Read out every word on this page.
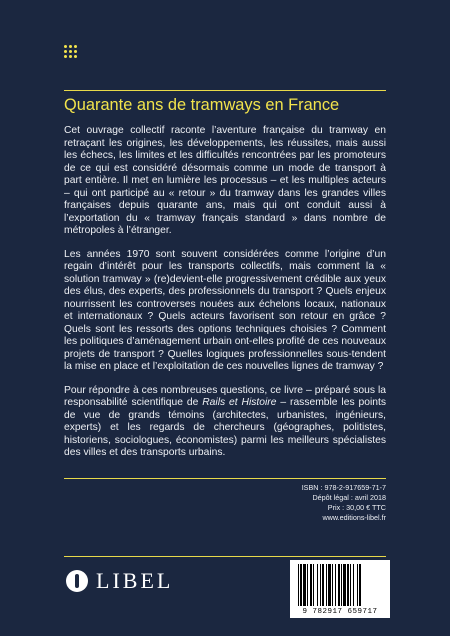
Quarante ans de tramways en France

Cet ouvrage collectif raconte l’aventure française du tramway en retraçant les origines, les développements, les réussites, mais aussi les échecs, les limites et les difficultés rencontrées par les promoteurs de ce qui est considéré désormais comme un mode de transport à part entière. Il met en lumière les processus – et les multiples acteurs – qui ont participé au « retour » du tramway dans les grandes villes françaises depuis quarante ans, mais qui ont conduit aussi à l’exportation du « tramway français standard » dans nombre de métropoles à l’étranger.

Les années 1970 sont souvent considérées comme l’origine d’un regain d’intérêt pour les transports collectifs, mais comment la « solution tramway » (re)devient-elle progressivement crédible aux yeux des élus, des experts, des professionnels du transport ? Quels enjeux nourrissent les controverses nouées aux échelons locaux, nationaux et internationaux ? Quels acteurs favorisent son retour en grâce ? Quels sont les ressorts des options techniques choisies ? Comment les politiques d’aménagement urbain ont-elles profité de ces nouveaux projets de transport ? Quelles logiques professionnelles sous-tendent la mise en place et l’exploitation de ces nouvelles lignes de tramway ?

Pour répondre à ces nombreuses questions, ce livre – préparé sous la responsabilité scientifique de Rails et Histoire – rassemble les points de vue de grands témoins (architectes, urbanistes, ingénieurs, experts) et les regards de chercheurs (géographes, politistes, historiens, sociologues, économistes) parmi les meilleurs spécialistes des villes et des transports urbains.

ISBN : 978-2-917659-71-7
Dépôt légal : avril 2018
Prix : 30,00 € TTC
www.editions-libel.fr
LIBEL
9 782917 659717
